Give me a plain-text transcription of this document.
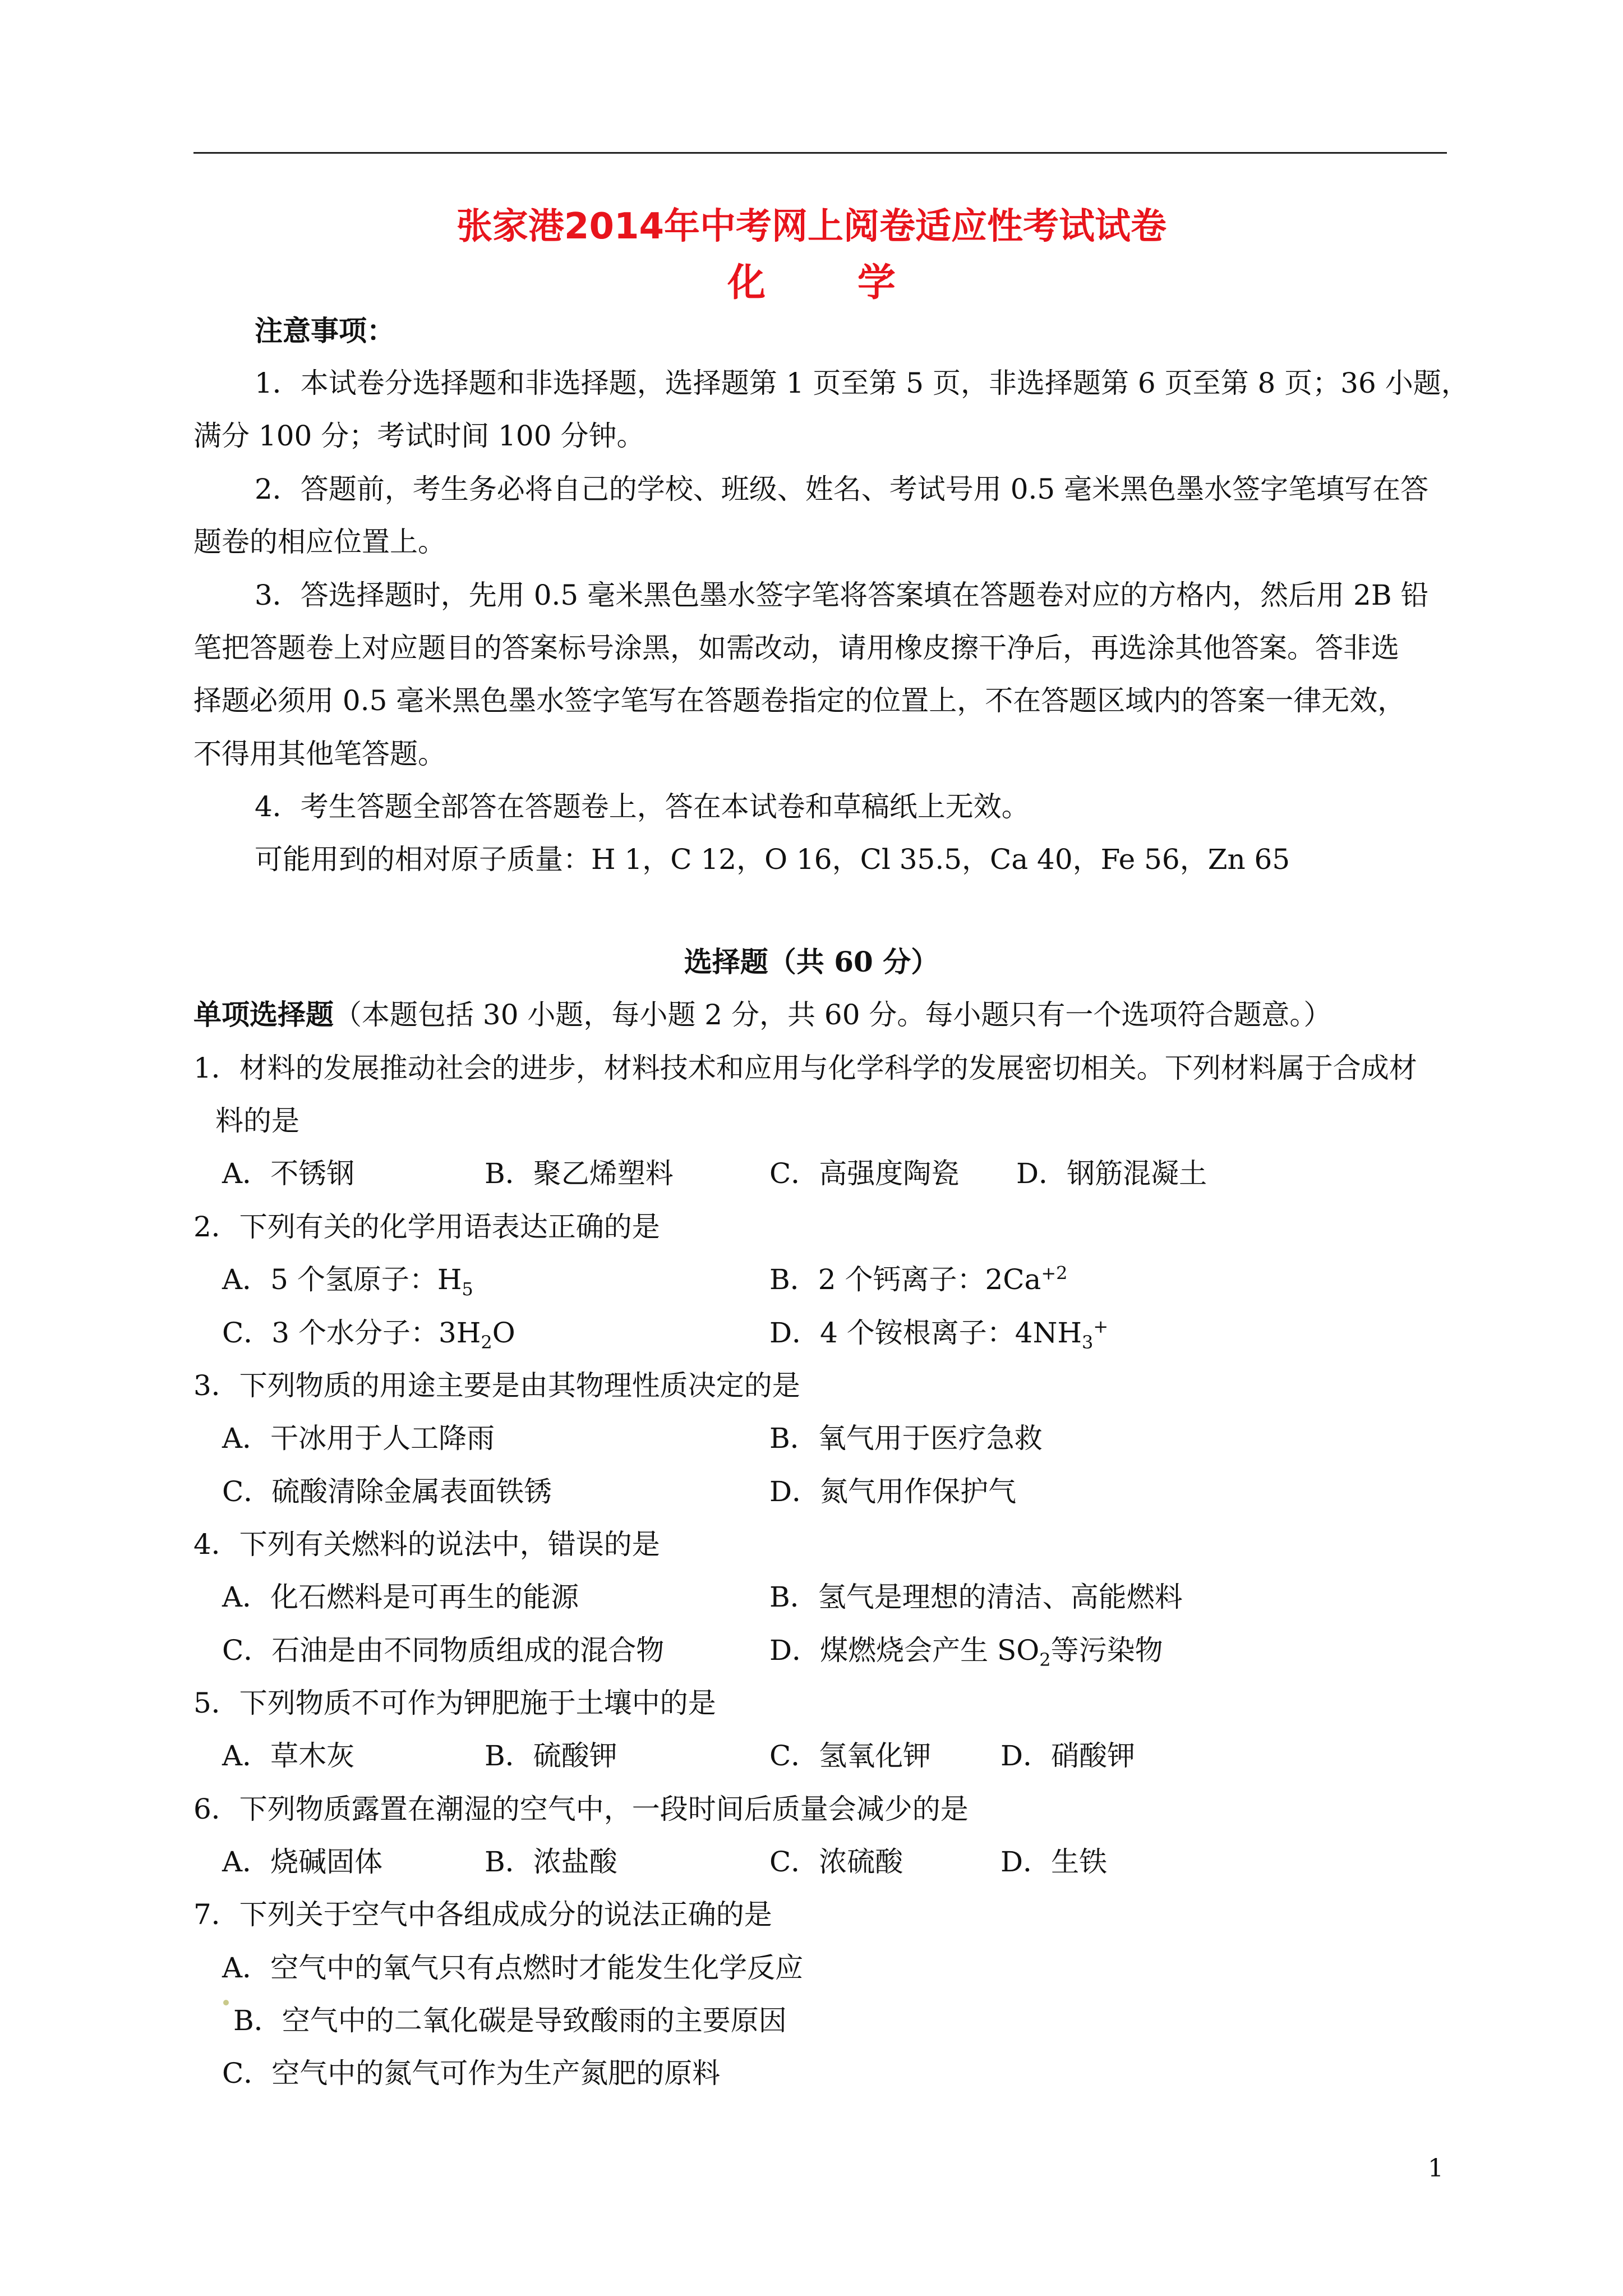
张家港2014年中考网上阅卷适应性考试试卷
化 学
注意事项：
1．本试卷分选择题和非选择题，选择题第 1 页至第 5 页，非选择题第 6 页至第 8 页；36 小题，
满分 100 分；考试时间 100 分钟。
2．答题前，考生务必将自己的学校、班级、姓名、考试号用 0.5 毫米黑色墨水签字笔填写在答
题卷的相应位置上。
3．答选择题时，先用 0.5 毫米黑色墨水签字笔将答案填在答题卷对应的方格内，然后用 2B 铅
笔把答题卷上对应题目的答案标号涂黑，如需改动，请用橡皮擦干净后，再选涂其他答案。答非选
择题必须用 0.5 毫米黑色墨水签字笔写在答题卷指定的位置上，不在答题区域内的答案一律无效，
不得用其他笔答题。
4．考生答题全部答在答题卷上，答在本试卷和草稿纸上无效。
可能用到的相对原子质量：H 1，C 12，O 16，Cl 35.5，Ca 40，Fe 56，Zn 65
选择题（共 60 分）
单项选择题（本题包括 30 小题，每小题 2 分，共 60 分。每小题只有一个选项符合题意。）
1．材料的发展推动社会的进步，材料技术和应用与化学科学的发展密切相关。下列材料属于合成材
料的是
A．不锈钢	B．聚乙烯塑料	C．高强度陶瓷 D．钢筋混凝土
2．下列有关的化学用语表达正确的是
A．5 个氢原子：$H_5$	B．2 个钙离子：$2Ca^{+2}$
C．3 个水分子：$3H_2O$	D．4 个铵根离子：$4NH_3^+$
3．下列物质的用途主要是由其物理性质决定的是
A．干冰用于人工降雨	B．氧气用于医疗急救
C．硫酸清除金属表面铁锈	D．氮气用作保护气
4．下列有关燃料的说法中，错误的是
A．化石燃料是可再生的能源	B．氢气是理想的清洁、高能燃料
C．石油是由不同物质组成的混合物	D．煤燃烧会产生 $SO_2$等污染物
5．下列物质不可作为钾肥施于土壤中的是
A．草木灰	B．硫酸钾	C．氢氧化钾 D．硝酸钾
6．下列物质露置在潮湿的空气中，一段时间后质量会减少的是
A．烧碱固体	B．浓盐酸	C．浓硫酸	D．生铁
7．下列关于空气中各组成成分的说法正确的是
A．空气中的氧气只有点燃时才能发生化学反应
B．空气中的二氧化碳是导致酸雨的主要原因
C．空气中的氮气可作为生产氮肥的原料
1
